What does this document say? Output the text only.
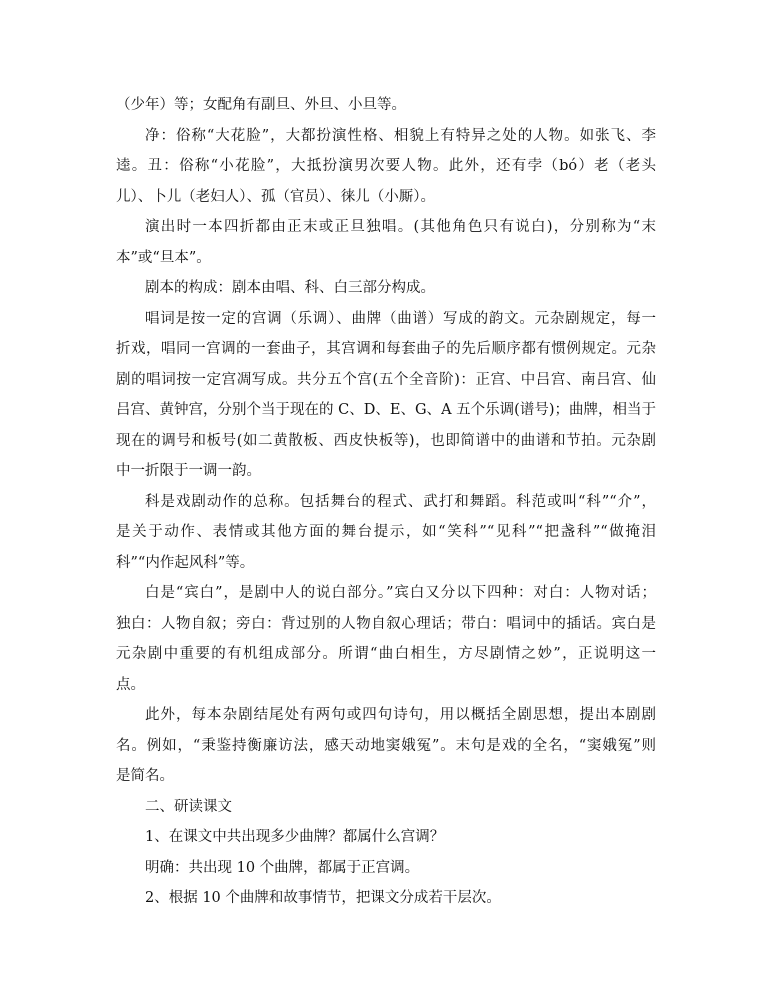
（少年）等；女配角有副旦、外旦、小旦等。
净：俗称“大花脸”，大都扮演性格、相貌上有特异之处的人物。如张飞、李
逵。丑：俗称“小花脸”，大抵扮演男次要人物。此外，还有孛（bó）老（老头
儿）、卜儿（老妇人）、孤（官员）、徕儿（小厮）。
演出时一本四折都由正末或正旦独唱。(其他角色只有说白)，分别称为“末
本”或“旦本”。
剧本的构成：剧本由唱、科、白三部分构成。
唱词是按一定的宫调（乐调）、曲牌（曲谱）写成的韵文。元杂剧规定，每一
折戏，唱同一宫调的一套曲子，其宫调和每套曲子的先后顺序都有惯例规定。元杂
剧的唱词按一定宫凋写成。共分五个宫(五个全音阶)：正宫、中吕宫、南吕宫、仙
吕宫、黄钟宫，分别个当于现在的 C、D、E、G、A 五个乐调(谱号)；曲牌，相当于
现在的调号和板号(如二黄散板、西皮快板等)，也即简谱中的曲谱和节拍。元杂剧
中一折限于一调一韵。
科是戏剧动作的总称。包括舞台的程式、武打和舞蹈。科范或叫“科”“介”，
是关于动作、表情或其他方面的舞台提示，如“笑科”“见科”“把盏科”“做掩泪
科”“内作起风科”等。
白是“宾白”，是剧中人的说白部分。”宾白又分以下四种：对白：人物对话；
独白：人物自叙；旁白：背过别的人物自叙心理话；带白：唱词中的插话。宾白是
元杂剧中重要的有机组成部分。所谓“曲白相生，方尽剧情之妙”，正说明这一
点。
此外，每本杂剧结尾处有两句或四句诗句，用以概括全剧思想，提出本剧剧
名。例如，“秉鉴持衡廉访法，感天动地窦娥冤”。末句是戏的全名，“窦娥冤”则
是简名。
二、研读课文
1、在课文中共出现多少曲牌？都属什么宫调？
明确：共出现 10 个曲牌，都属于正宫调。
2、根据 10 个曲牌和故事情节，把课文分成若干层次。
